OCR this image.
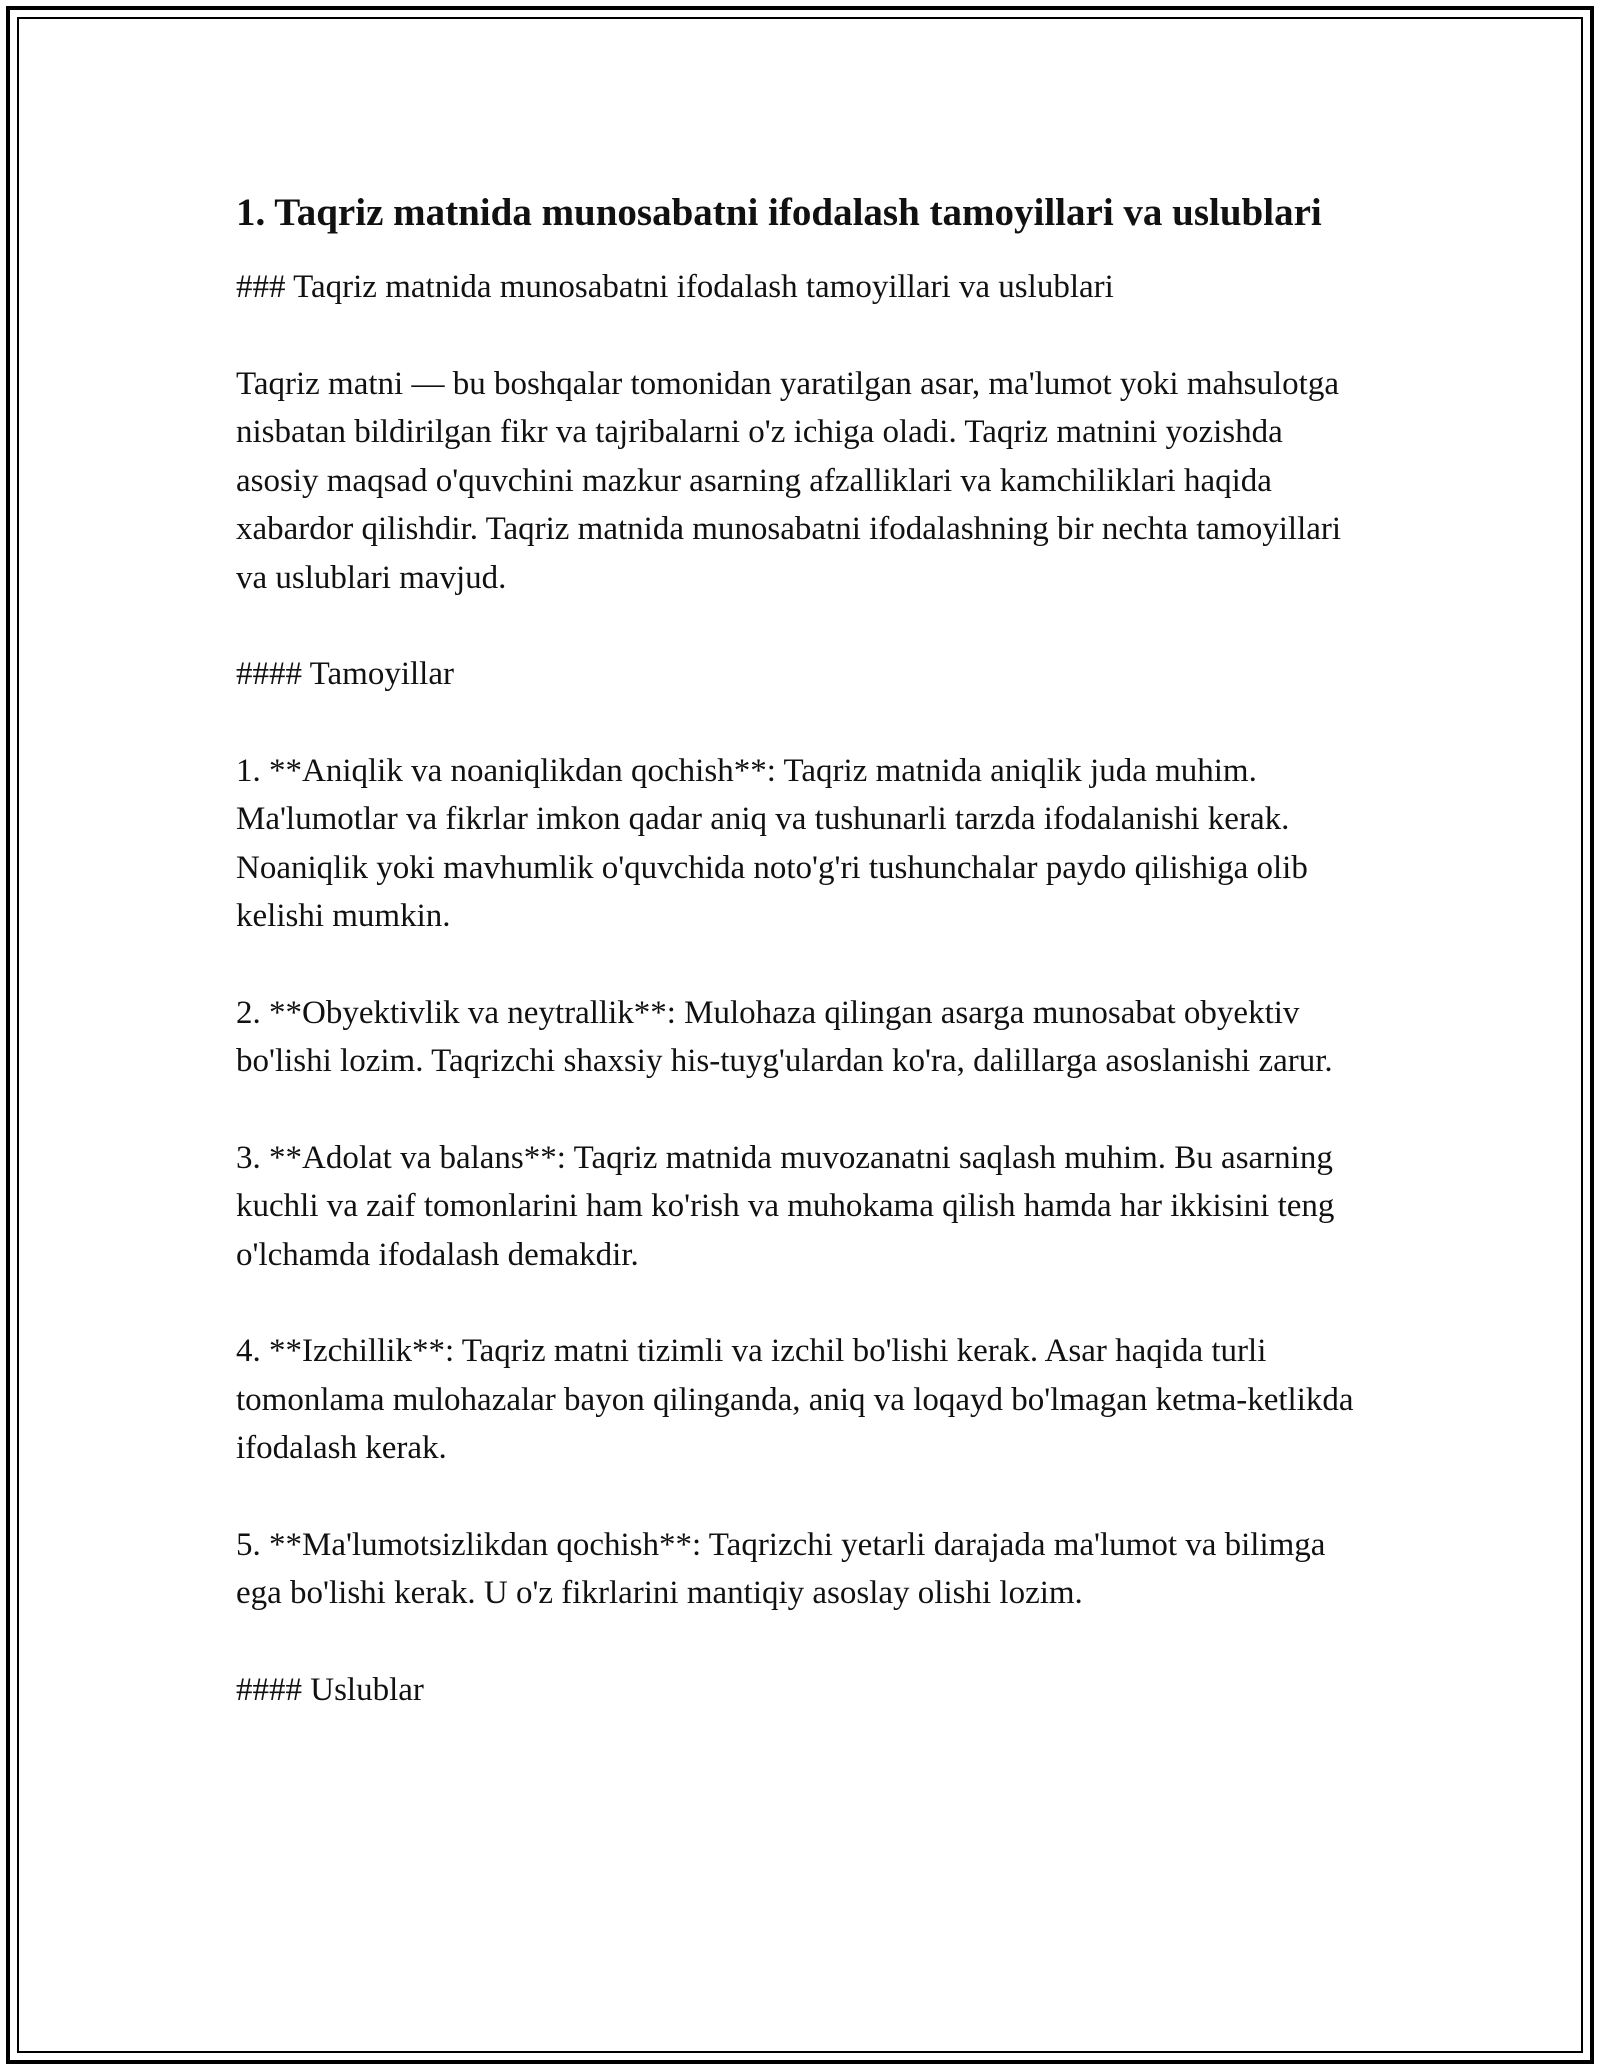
1. Taqriz matnida munosabatni ifodalash tamoyillari va uslublari
### Taqriz matnida munosabatni ifodalash tamoyillari va uslublari
Taqriz matni — bu boshqalar tomonidan yaratilgan asar, ma'lumot yoki mahsulotga nisbatan bildirilgan fikr va tajribalarni o'z ichiga oladi. Taqriz matnini yozishda asosiy maqsad o'quvchini mazkur asarning afzalliklari va kamchiliklari haqida xabardor qilishdir. Taqriz matnida munosabatni ifodalashning bir nechta tamoyillari va uslublari mavjud.
#### Tamoyillar
1. **Aniqlik va noaniqlikdan qochish**: Taqriz matnida aniqlik juda muhim. Ma'lumotlar va fikrlar imkon qadar aniq va tushunarli tarzda ifodalanishi kerak. Noaniqlik yoki mavhumlik o'quvchida noto'g'ri tushunchalar paydo qilishiga olib kelishi mumkin.
2. **Obyektivlik va neytrallik**: Mulohaza qilingan asarga munosabat obyektiv bo'lishi lozim. Taqrizchi shaxsiy his-tuyg'ulardan ko'ra, dalillarga asoslanishi zarur.
3. **Adolat va balans**: Taqriz matnida muvozanatni saqlash muhim. Bu asarning kuchli va zaif tomonlarini ham ko'rish va muhokama qilish hamda har ikkisini teng o'lchamda ifodalash demakdir.
4. **Izchillik**: Taqriz matni tizimli va izchil bo'lishi kerak. Asar haqida turli tomonlama mulohazalar bayon qilinganda, aniq va loqayd bo'lmagan ketma-ketlikda ifodalash kerak.
5. **Ma'lumotsizlikdan qochish**: Taqrizchi yetarli darajada ma'lumot va bilimga ega bo'lishi kerak. U o'z fikrlarini mantiqiy asoslay olishi lozim.
#### Uslublar
